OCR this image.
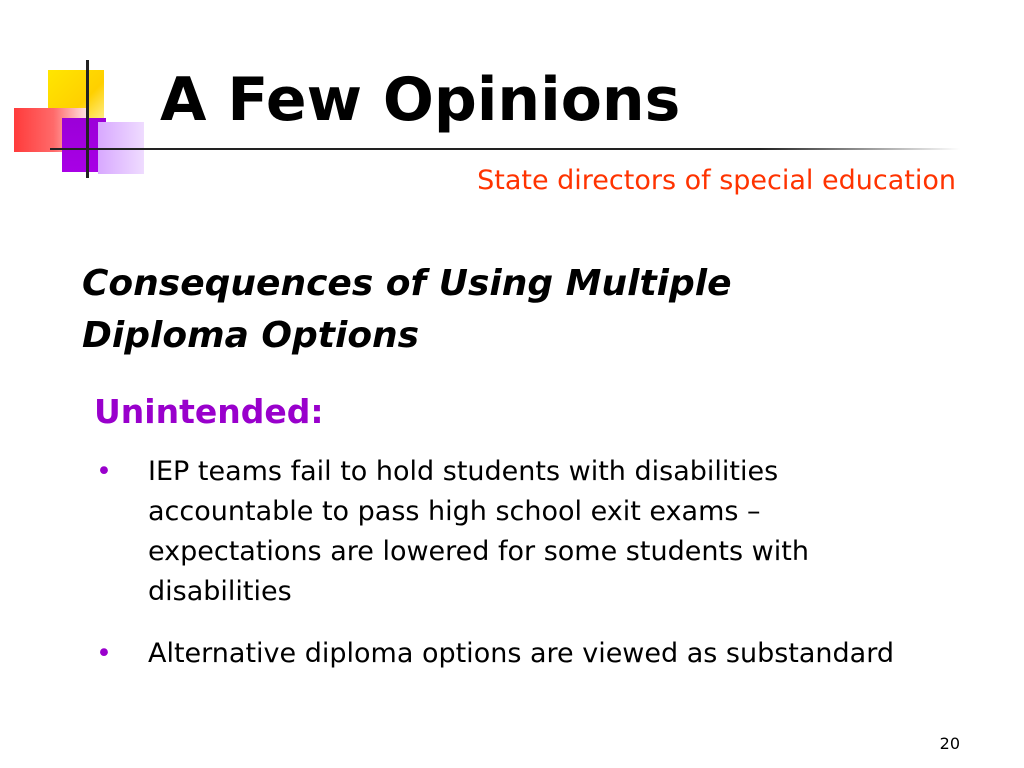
A Few Opinions
State directors of special education
Consequences of Using Multiple
Diploma Options
Unintended:
• IEP teams fail to hold students with disabilities
accountable to pass high school exit exams –
expectations are lowered for some students with
disabilities
• Alternative diploma options are viewed as substandard
20
